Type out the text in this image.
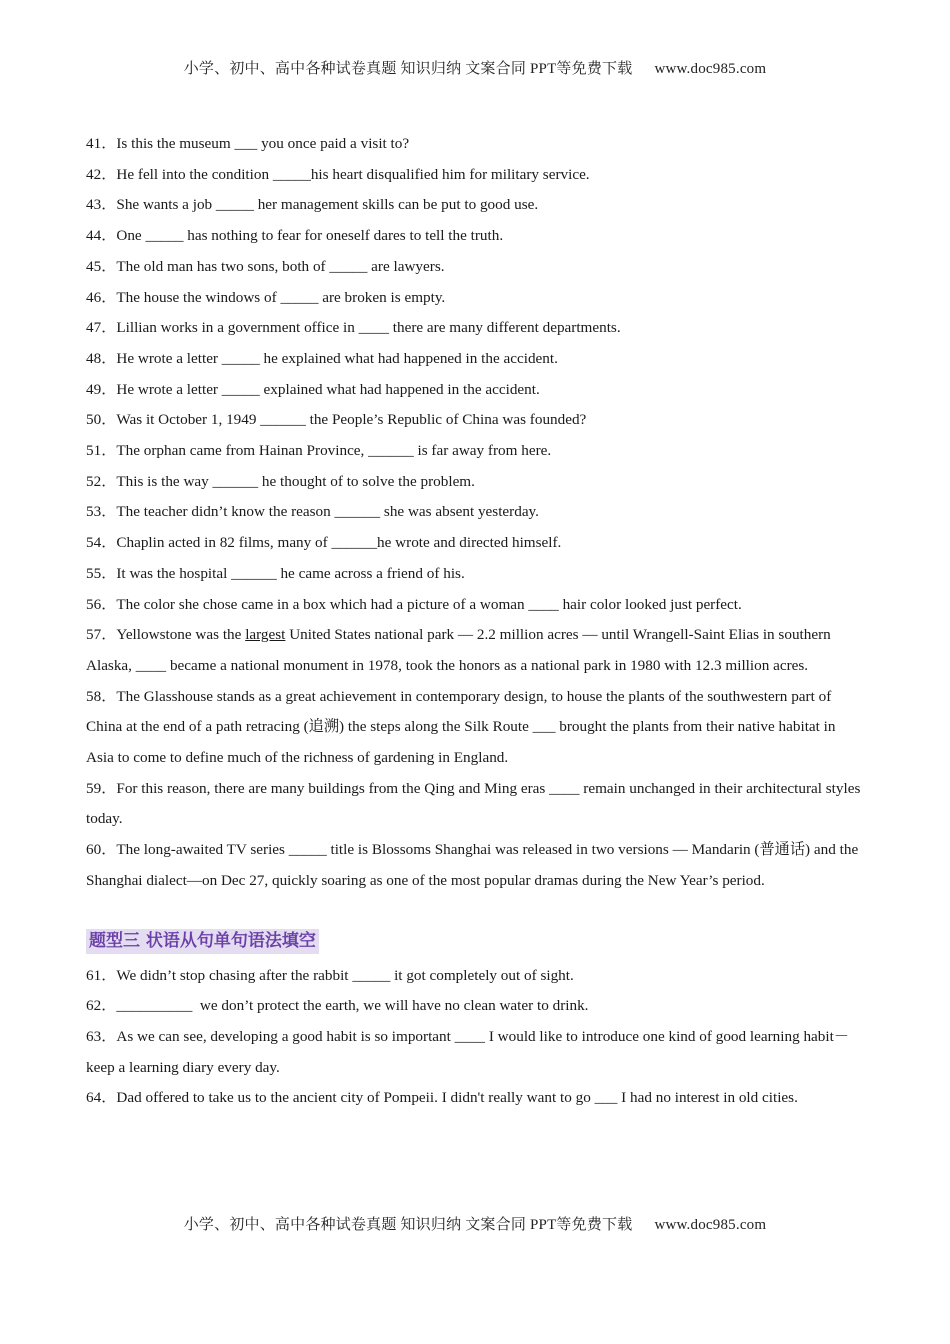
小学、初中、高中各种试卷真题 知识归纳 文案合同 PPT等免费下载 www.doc985.com

41．Is this the museum ___ you once paid a visit to?

42．He fell into the condition _____his heart disqualified him for military service.

43．She wants a job _____ her management skills can be put to good use.

44．One _____ has nothing to fear for oneself dares to tell the truth.

45．The old man has two sons, both of _____ are lawyers.

46．The house the windows of _____ are broken is empty.

47．Lillian works in a government office in ____ there are many different departments.

48．He wrote a letter _____ he explained what had happened in the accident.

49．He wrote a letter _____ explained what had happened in the accident.

50．Was it October 1, 1949 ______ the People’s Republic of China was founded?

51．The orphan came from Hainan Province, ______ is far away from here.

52．This is the way ______ he thought of to solve the problem.

53．The teacher didn’t know the reason ______ she was absent yesterday.

54．Chaplin acted in 82 films, many of ______he wrote and directed himself.

55．It was the hospital ______ he came across a friend of his.

56．The color she chose came in a box which had a picture of a woman ____ hair color looked just perfect.

57．Yellowstone was the largest United States national park — 2.2 million acres — until Wrangell-Saint Elias in southern Alaska, ____ became a national monument in 1978, took the honors as a national park in 1980 with 12.3 million acres.

58．The Glasshouse stands as a great achievement in contemporary design, to house the plants of the southwestern part of China at the end of a path retracing (追溯) the steps along the Silk Route ___ brought the plants from their native habitat in Asia to come to define much of the richness of gardening in England.

59．For this reason, there are many buildings from the Qing and Ming eras ____ remain unchanged in their architectural styles today.

60．The long-awaited TV series _____ title is Blossoms Shanghai was released in two versions — Mandarin (普通话) and the Shanghai dialect—on Dec 27, quickly soaring as one of the most popular dramas during the New Year’s period.

题型三 状语从句单句语法填空

61．We didn’t stop chasing after the rabbit _____ it got completely out of sight.

62．__________  we don’t protect the earth, we will have no clean water to drink.

63．As we can see, developing a good habit is so important ____ I would like to introduce one kind of good learning habit－keep a learning diary every day.

64．Dad offered to take us to the ancient city of Pompeii. I didn't really want to go ___ I had no interest in old cities.

小学、初中、高中各种试卷真题 知识归纳 文案合同 PPT等免费下载 www.doc985.com
